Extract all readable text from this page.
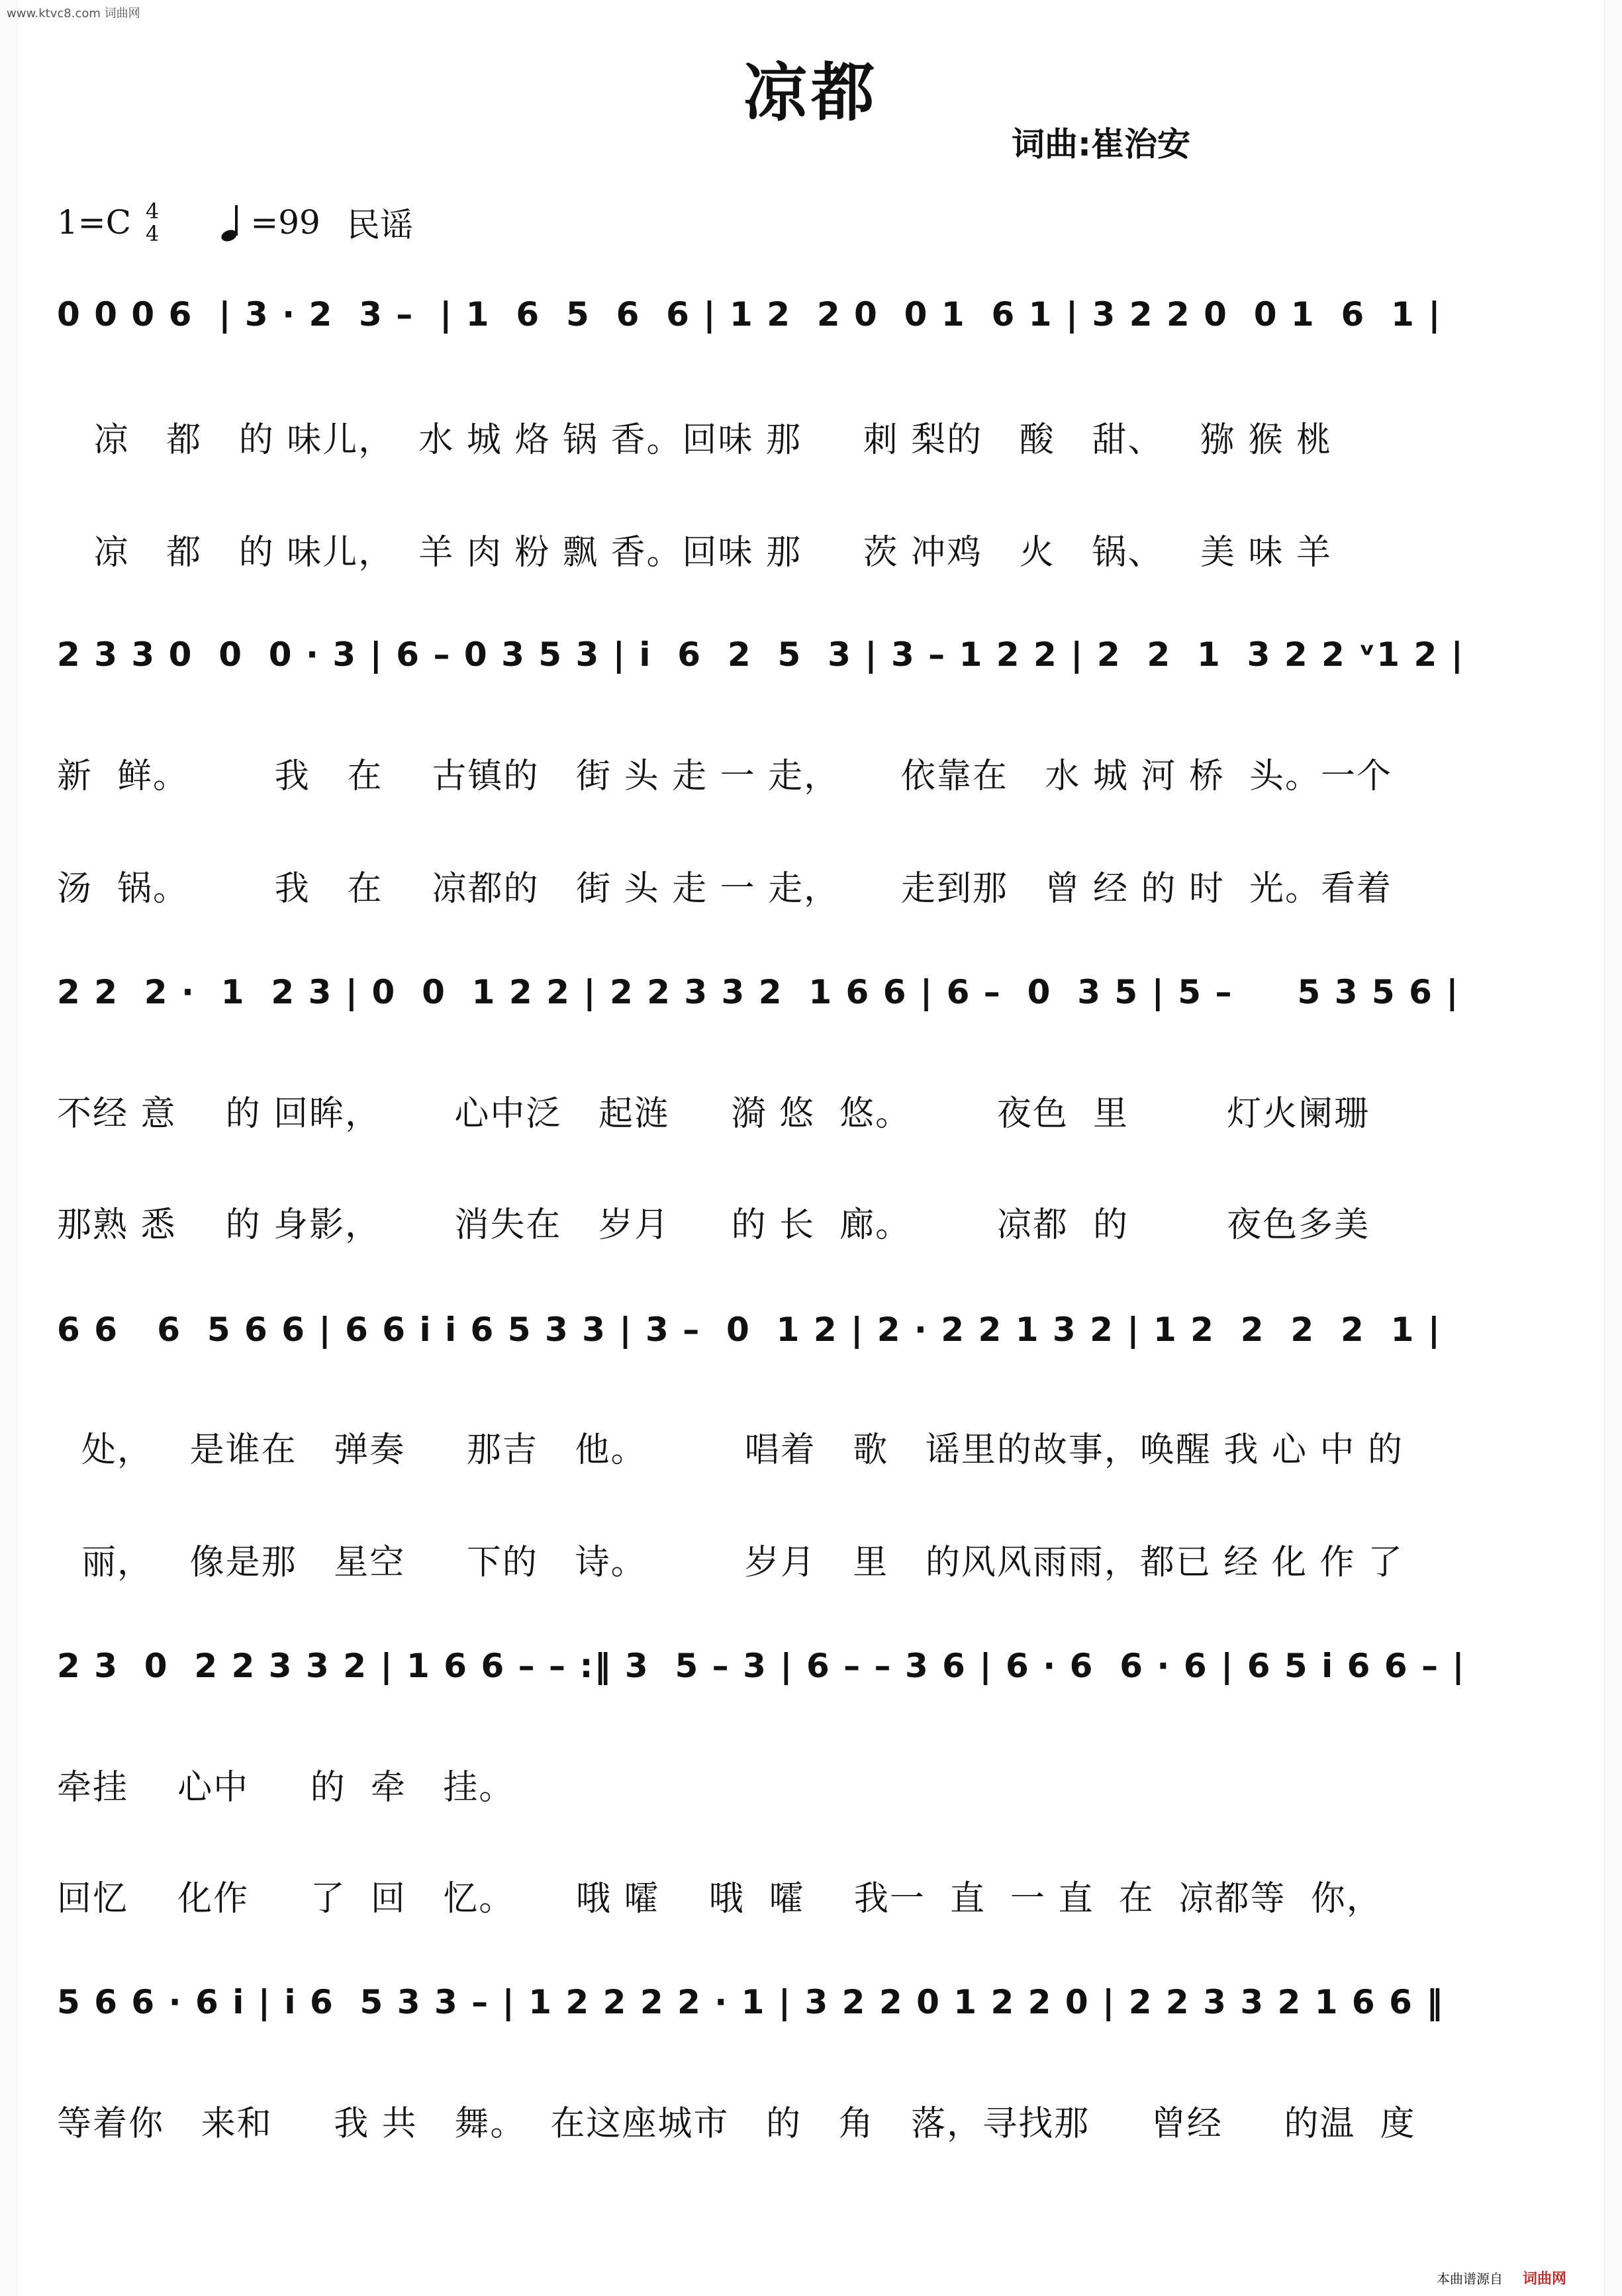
www.ktvc8.com 词曲网
凉都
词曲:崔治安
1=C 4
4	=99 民谣
0 0 0 6  | 3 · 2  3 –  | 1  6  5  6  6 | 1 2  2 0  0 1  6 1 | 3 2 2 0  0 1  6  1 |
凉   都   的 味儿，  水 城 烙 锅 香。回味 那     刺 梨的   酸   甜、   猕 猴 桃
凉   都   的 味儿，  羊 肉 粉 飘 香。回味 那     茨 冲鸡   火   锅、   美 味 羊
2 3 3 0  0  0 · 3 | 6 – 0 3 5 3 | i  6  2  5  3 | 3 – 1 2 2 | 2  2  1  3 2 2 ᵛ1 2 |
新  鲜。       我   在    古镇的   街 头 走 一 走，     依靠在   水 城 河 桥  头。一个
汤  锅。       我   在    凉都的   街 头 走 一 走，     走到那   曾 经 的 时  光。看着
2 2  2 ·  1  2 3 | 0  0  1 2 2 | 2 2 3 3 2  1 6 6 | 6 –  0  3 5 | 5 –     5 3 5 6 |
不经 意    的 回眸，      心中泛   起涟     漪 悠  悠。       夜色  里        灯火阑珊
那熟 悉    的 身影，      消失在   岁月     的 长  廊。       凉都  的        夜色多美
6 6   6  5 6 6 | 6 6 i i 6 5 3 3 | 3 –  0  1 2 | 2 · 2 2 1 3 2 | 1 2  2  2  2  1 |
处，   是谁在   弹奏     那吉   他。        唱着   歌   谣里的故事，唤醒 我 心 中 的
丽，   像是那   星空     下的   诗。        岁月   里   的风风雨雨，都已 经 化 作 了
2 3  0  2 2 3 3 2 | 1 6 6 – – :‖ 3  5 – 3 | 6 – – 3 6 | 6 · 6  6 · 6 | 6 5 i 6 6 – |
牵挂    心中     的  牵   挂。
回忆    化作     了  回   忆。     哦 嚯    哦  嚯    我一  直  一 直  在  凉都等  你，
5 6 6 · 6 i | i 6  5 3 3 – | 1 2 2 2 2 · 1 | 3 2 2 0 1 2 2 0 | 2 2 3 3 2 1 6 6 ‖
等着你   来和     我 共   舞。  在这座城市   的   角   落，寻找那     曾经     的温  度
本曲谱源自 词曲网
